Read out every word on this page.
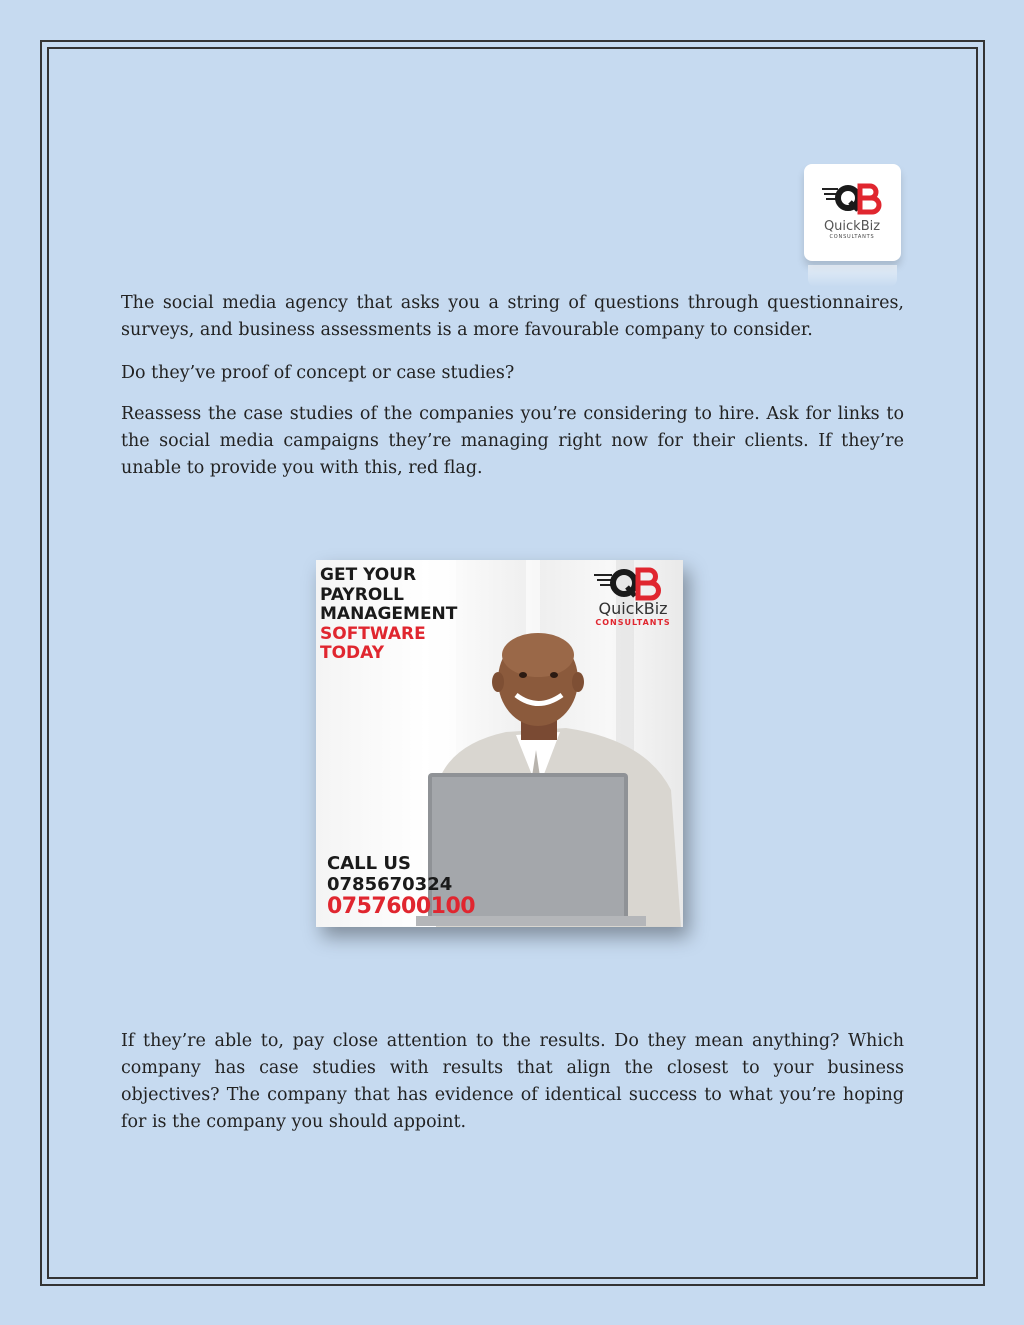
QuickBiz
CONSULTANTS

The social media agency that asks you a string of questions through questionnaires, surveys, and business assessments is a more favourable company to consider.

Do they’ve proof of concept or case studies?

Reassess the case studies of the companies you’re considering to hire. Ask for links to the social media campaigns they’re managing right now for their clients. If they’re unable to provide you with this, red flag.

GET YOUR
PAYROLL
MANAGEMENT
SOFTWARE
TODAY

QuickBiz
CONSULTANTS
CALL US
0785670324
0757600100

If they’re able to, pay close attention to the results. Do they mean anything? Which company has case studies with results that align the closest to your business objectives? The company that has evidence of identical success to what you’re hoping for is the company you should appoint.
